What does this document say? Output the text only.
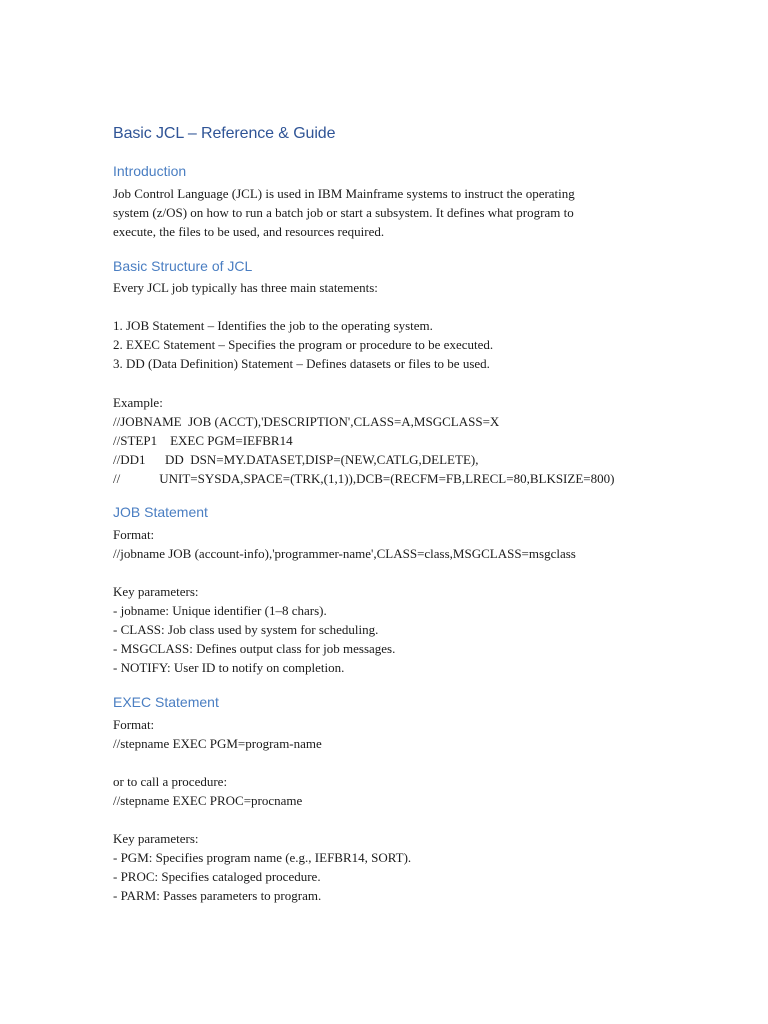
Basic JCL – Reference & Guide
Introduction

Job Control Language (JCL) is used in IBM Mainframe systems to instruct the operating

system (z/OS) on how to run a batch job or start a subsystem. It defines what program to

execute, the files to be used, and resources required.

Basic Structure of JCL

Every JCL job typically has three main statements:

1. JOB Statement – Identifies the job to the operating system.

2. EXEC Statement – Specifies the program or procedure to be executed.

3. DD (Data Definition) Statement – Defines datasets or files to be used.

Example:

//JOBNAME  JOB (ACCT),'DESCRIPTION',CLASS=A,MSGCLASS=X

//STEP1    EXEC PGM=IEFBR14

//DD1      DD  DSN=MY.DATASET,DISP=(NEW,CATLG,DELETE),

//            UNIT=SYSDA,SPACE=(TRK,(1,1)),DCB=(RECFM=FB,LRECL=80,BLKSIZE=800)

JOB Statement

Format:

//jobname JOB (account-info),'programmer-name',CLASS=class,MSGCLASS=msgclass

Key parameters:

- jobname: Unique identifier (1–8 chars).

- CLASS: Job class used by system for scheduling.

- MSGCLASS: Defines output class for job messages.

- NOTIFY: User ID to notify on completion.

EXEC Statement

Format:

//stepname EXEC PGM=program-name

or to call a procedure:

//stepname EXEC PROC=procname

Key parameters:

- PGM: Specifies program name (e.g., IEFBR14, SORT).

- PROC: Specifies cataloged procedure.

- PARM: Passes parameters to program.
